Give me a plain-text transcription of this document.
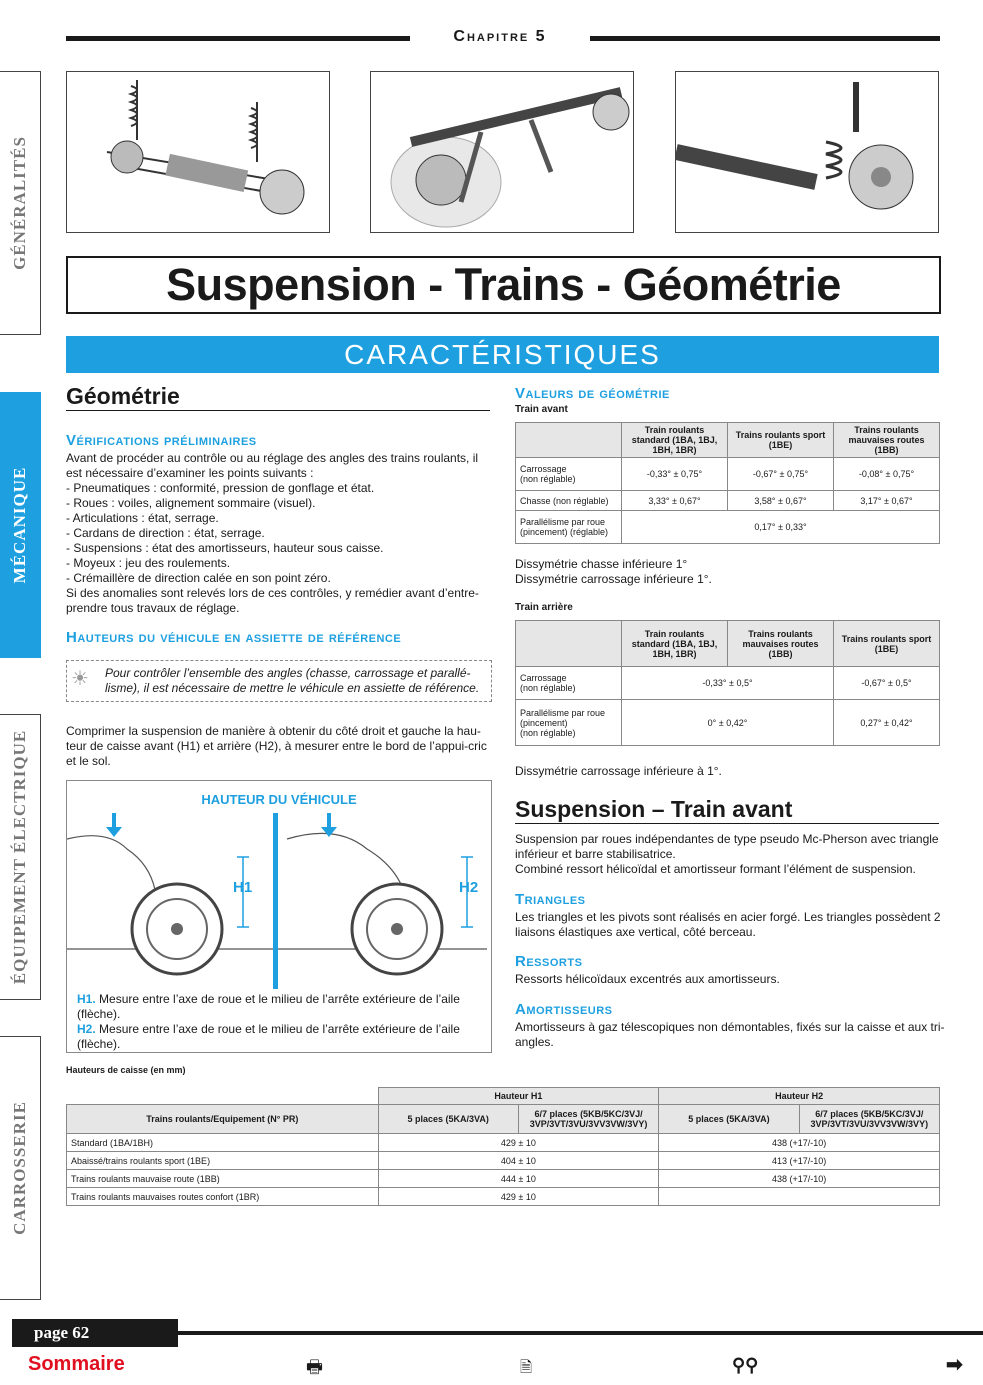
Chapitre 5
GÉNÉRALITÉS
MÉCANIQUE
ÉQUIPEMENT ÉLECTRIQUE
CARROSSERIE
Suspension - Trains - Géométrie
CARACTÉRISTIQUES
Géométrie
Vérifications préliminaires
Avant de procéder au contrôle ou au réglage des angles des trains roulants, il
est nécessaire d’examiner les points suivants :
- Pneumatiques : conformité, pression de gonflage et état.
- Roues : voiles, alignement sommaire (visuel).
- Articulations : état, serrage.
- Cardans de direction : état, serrage.
- Suspensions : état des amortisseurs, hauteur sous caisse.
- Moyeux : jeu des roulements.
- Crémaillère de direction calée en son point zéro.
Si des anomalies sont relevés lors de ces contrôles, y remédier avant d’entre-
prendre tous travaux de réglage.
Hauteurs du véhicule en assiette de référence
☀ Pour contrôler l’ensemble des angles (chasse, carrossage et parallé-
lisme), il est nécessaire de mettre le véhicule en assiette de référence.
Comprimer la suspension de manière à obtenir du côté droit et gauche la hau-
teur de caisse avant (H1) et arrière (H2), à mesurer entre le bord de l’appui-cric
et le sol.
HAUTEUR DU VÉHICULE
H1	H2
H1. Mesure entre l’axe de roue et le milieu de l’arrête extérieure de l’aile
(flèche).
H2. Mesure entre l’axe de roue et le milieu de l’arrête extérieure de l’aile
(flèche).
Valeurs de géométrie
Train avant
	Train roulants standard (1BA, 1BJ, 1BH, 1BR)	Trains roulants sport (1BE)	Trains roulants mauvaises routes (1BB)
Carrossage
(non réglable)	-0,33° ± 0,75°	-0,67° ± 0,75°	-0,08° ± 0,75°
Chasse (non réglable)	3,33° ± 0,67°	3,58° ± 0,67°	3,17° ± 0,67°
Parallélisme par roue
(pincement) (réglable)	0,17° ± 0,33°		
Dissymétrie chasse inférieure 1°
Dissymétrie carrossage inférieure 1°.
Train arrière
	Train roulants standard (1BA, 1BJ, 1BH, 1BR)	Trains roulants mauvaises routes (1BB)	Trains roulants sport (1BE)
Carrossage
(non réglable)	-0,33° ± 0,5°		-0,67° ± 0,5°
Parallélisme par roue
(pincement)
(non réglable)	0° ± 0,42°		0,27° ± 0,42°
Dissymétrie carrossage inférieure à 1°.
Suspension – Train avant
Suspension par roues indépendantes de type pseudo Mc-Pherson avec triangle
inférieur et barre stabilisatrice.
Combiné ressort hélicoïdal et amortisseur formant l’élément de suspension.
Triangles
Les triangles et les pivots sont réalisés en acier forgé. Les triangles possèdent 2
liaisons élastiques axe vertical, côté berceau.
Ressorts
Ressorts hélicoïdaux excentrés aux amortisseurs.
Amortisseurs
Amortisseurs à gaz télescopiques non démontables, fixés sur la caisse et aux tri-
angles.
Hauteurs de caisse (en mm)
	Hauteur H1		Hauteur H2	
Trains roulants/Equipement (N° PR)	5 places (5KA/3VA)	6/7 places (5KB/5KC/3VJ/
3VP/3VT/3VU/3VV3VW/3VY)	5 places (5KA/3VA)	6/7 places (5KB/5KC/3VJ/
3VP/3VT/3VU/3VV3VW/3VY)
Standard (1BA/1BH)	429 ± 10		438 (+17/-10)	
Abaissé/trains roulants sport (1BE)	404 ± 10		413 (+17/-10)	
Trains roulants mauvaise route (1BB)	444 ± 10		438 (+17/-10)	
Trains roulants mauvaises routes confort (1BR)	429 ± 10			
page 62
Sommaire	🖶	🗎	⚲⚲	➡
